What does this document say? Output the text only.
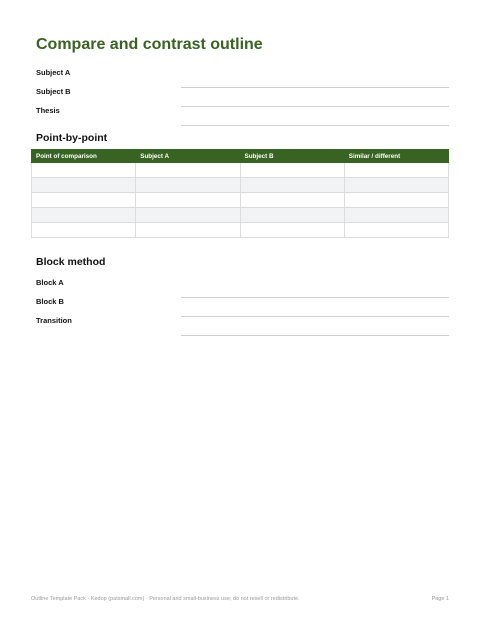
Compare and contrast outline
Subject A
Subject B
Thesis
Point-by-point
Point of comparison	Subject A	Subject B	Similar / different

Block method
Block A
Block B
Transition
Outline Template Pack · Kedop (patsmall.com) · Personal and small-business use; do not resell or redistribute.	Page 1
